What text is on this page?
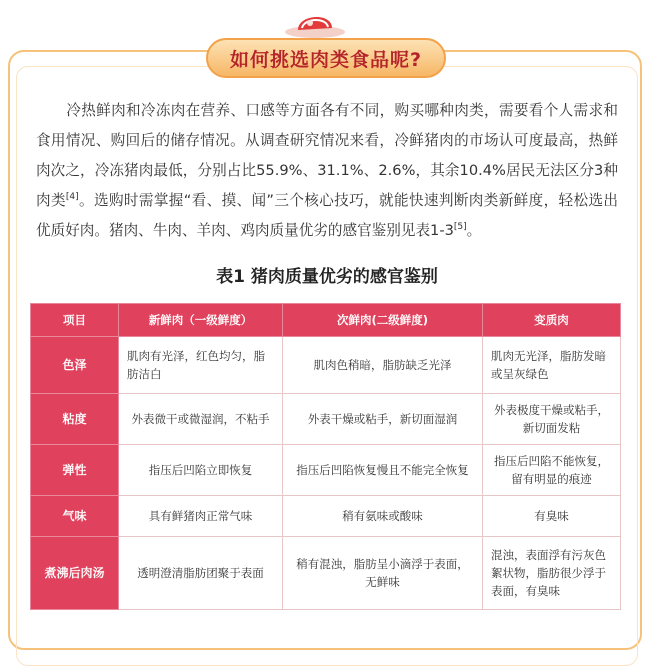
如何挑选肉类食品呢?
冷热鲜肉和冷冻肉在营养、口感等方面各有不同，购买哪种肉类，需要看个人需求和食用情况、购回后的储存情况。从调查研究情况来看，冷鲜猪肉的市场认可度最高，热鲜肉次之，冷冻猪肉最低，分别占比55.9%、31.1%、2.6%，其余10.4%居民无法区分3种肉类[4]。选购时需掌握“看、摸、闻”三个核心技巧，就能快速判断肉类新鲜度，轻松选出优质好肉。猪肉、牛肉、羊肉、鸡肉质量优劣的感官鉴别见表1-3[5]。
表1 猪肉质量优劣的感官鉴别
项目	新鲜肉（一级鲜度）	次鲜肉(二级鲜度)	变质肉
色泽	肌肉有光泽，红色均匀，脂肪洁白	肌肉色稍暗，脂肪缺乏光泽	肌肉无光泽，脂肪发暗或呈灰绿色
粘度	外表微干或微湿润，不粘手	外表干燥或粘手，新切面湿润	外表极度干燥或粘手，新切面发粘
弹性	指压后凹陷立即恢复	指压后凹陷恢复慢且不能完全恢复	指压后凹陷不能恢复，留有明显的痕迹
气味	具有鲜猪肉正常气味	稍有氨味或酸味	有臭味
煮沸后肉汤	透明澄清脂肪团聚于表面	稍有混浊，脂肪呈小滴浮于表面，无鲜味	混浊，表面浮有污灰色絮状物，脂肪很少浮于表面，有臭味
